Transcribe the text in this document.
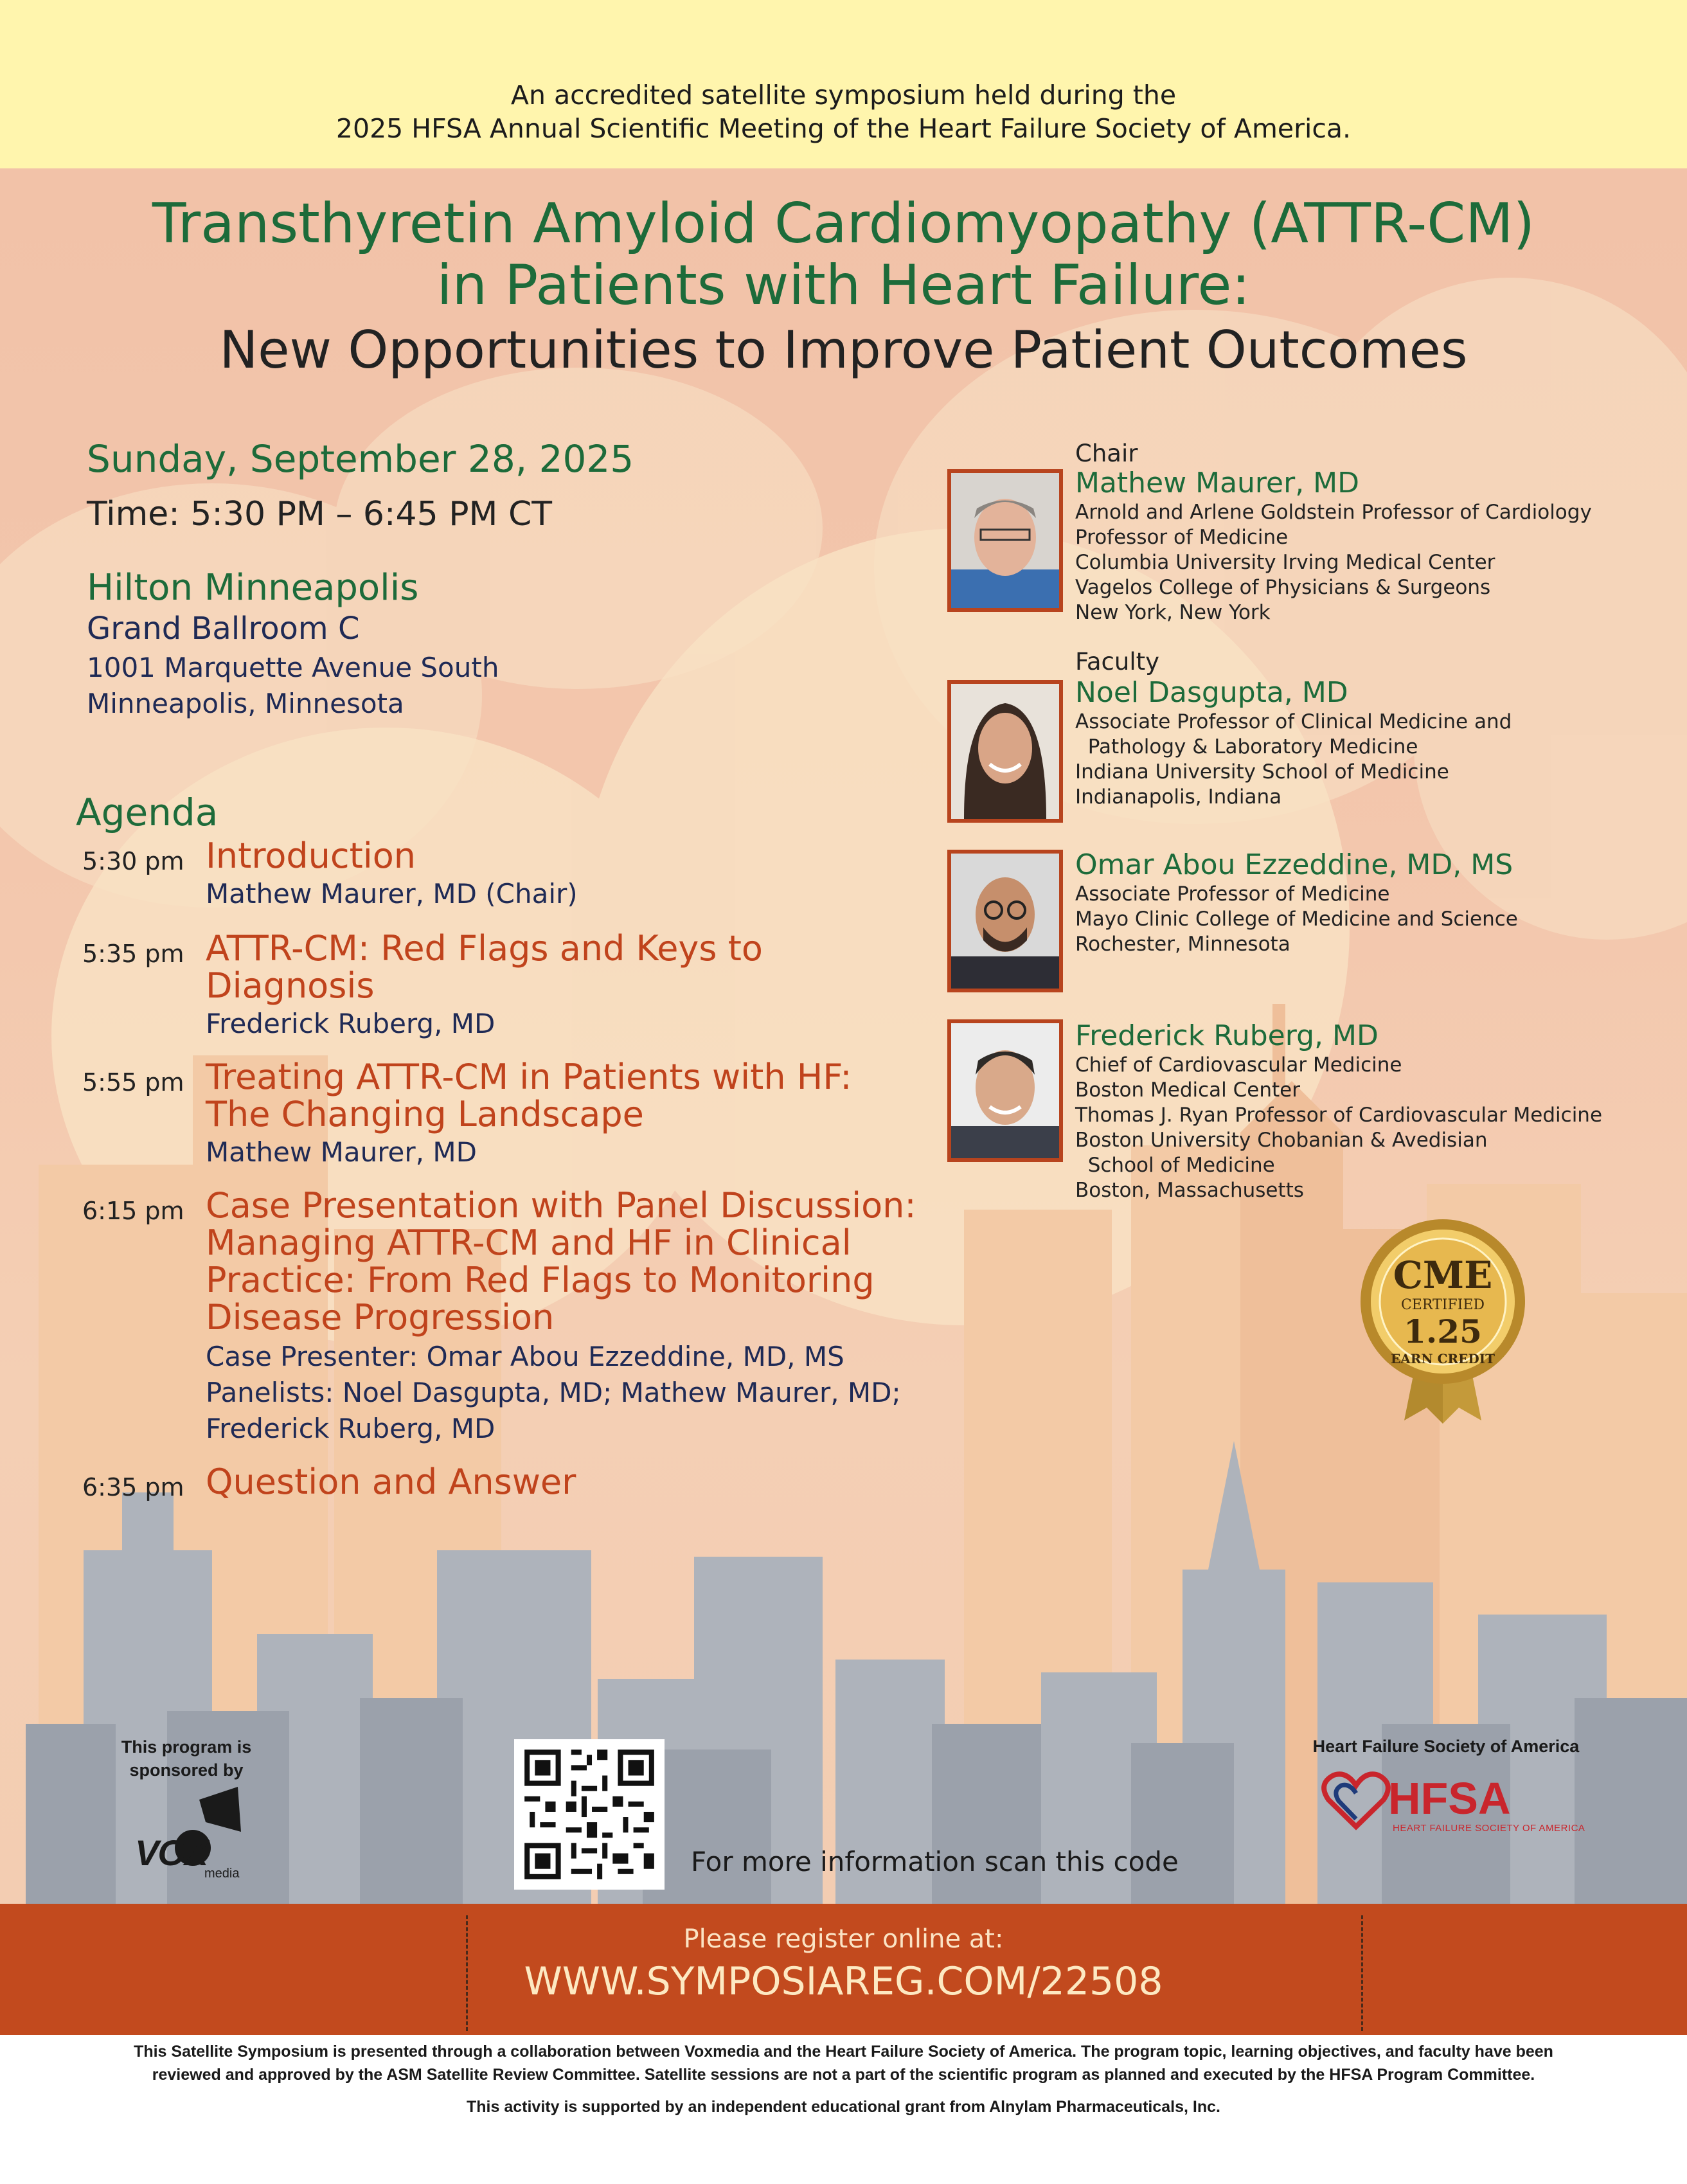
An accredited satellite symposium held during the
2025 HFSA Annual Scientific Meeting of the Heart Failure Society of America.
Transthyretin Amyloid Cardiomyopathy (ATTR-CM)
in Patients with Heart Failure:
New Opportunities to Improve Patient Outcomes
Sunday, September 28, 2025
Time: 5:30 PM – 6:45 PM CT
Hilton Minneapolis
Grand Ballroom C
1001 Marquette Avenue South
Minneapolis, Minnesota
Agenda
5:30 pm Introduction
Mathew Maurer, MD (Chair)
5:35 pm ATTR-CM: Red Flags and Keys to
Diagnosis
Frederick Ruberg, MD
5:55 pm Treating ATTR-CM in Patients with HF:
The Changing Landscape
Mathew Maurer, MD
6:15 pm Case Presentation with Panel Discussion:
Managing ATTR-CM and HF in Clinical
Practice: From Red Flags to Monitoring
Disease Progression
Case Presenter: Omar Abou Ezzeddine, MD, MS
Panelists: Noel Dasgupta, MD; Mathew Maurer, MD;
Frederick Ruberg, MD
6:35 pm Question and Answer
Chair
Mathew Maurer, MD
Arnold and Arlene Goldstein Professor of Cardiology
Professor of Medicine
Columbia University Irving Medical Center
Vagelos College of Physicians & Surgeons
New York, New York
Faculty
Noel Dasgupta, MD
Associate Professor of Clinical Medicine and
Pathology & Laboratory Medicine
Indiana University School of Medicine
Indianapolis, Indiana
Omar Abou Ezzeddine, MD, MS
Associate Professor of Medicine
Mayo Clinic College of Medicine and Science
Rochester, Minnesota
Frederick Ruberg, MD
Chief of Cardiovascular Medicine
Boston Medical Center
Thomas J. Ryan Professor of Cardiovascular Medicine
Boston University Chobanian & Avedisian
School of Medicine
Boston, Massachusetts
CME
CERTIFIED
1.25
EARN CREDIT
This program is
sponsored by
VOX
media	For more information scan this code
Heart Failure Society of America
HFSA
HEART FAILURE SOCIETY OF AMERICA
Please register online at:
WWW.SYMPOSIAREG.COM/22508
This Satellite Symposium is presented through a collaboration between Voxmedia and the Heart Failure Society of America. The program topic, learning objectives, and faculty have been
reviewed and approved by the ASM Satellite Review Committee. Satellite sessions are not a part of the scientific program as planned and executed by the HFSA Program Committee.
This activity is supported by an independent educational grant from Alnylam Pharmaceuticals, Inc.
